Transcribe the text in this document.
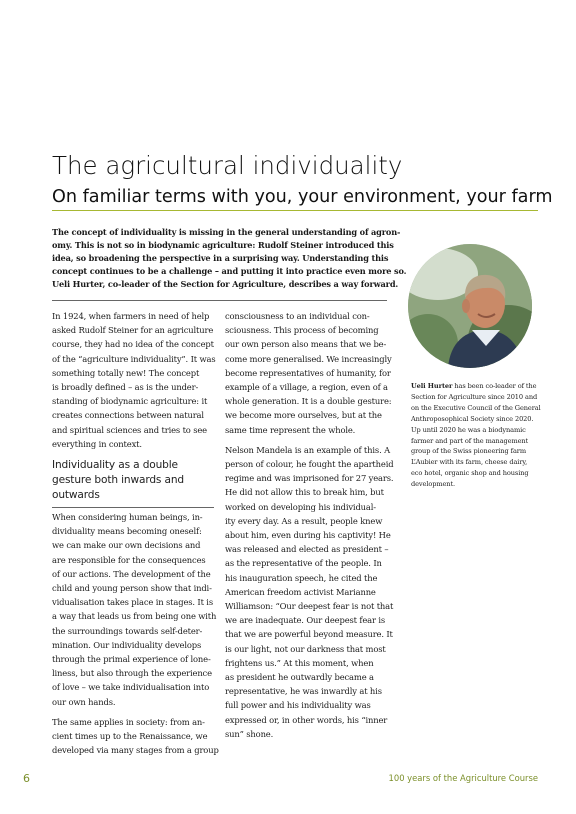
The agricultural individuality
On familiar terms with you, your environment, your farm
The concept of individuality is missing in the general understanding of agron-
omy. This is not so in biodynamic agriculture: Rudolf Steiner introduced this
idea, so broadening the perspective in a surprising way. Understanding this
concept continues to be a challenge – and putting it into practice even more so.
Ueli Hurter, co-leader of the Section for Agriculture, describes a way forward.
In 1924, when farmers in need of help
asked Rudolf Steiner for an agriculture
course, they had no idea of the concept
of the “agriculture individuality”. It was
something totally new! The concept
is broadly defined – as is the under-
standing of biodynamic agriculture: it
creates connections between natural
and spiritual sciences and tries to see
everything in context.
Individuality as a double
gesture both inwards and
outwards
When considering human beings, in-
dividuality means becoming oneself:
we can make our own decisions and
are responsible for the consequences
of our actions. The development of the
child and young person show that indi-
vidualisation takes place in stages. It is
a way that leads us from being one with
the surroundings towards self-deter-
mination. Our individuality develops
through the primal experience of lone-
liness, but also through the experience
of love – we take individualisation into
our own hands.
The same applies in society: from an-
cient times up to the Renaissance, we
developed via many stages from a group
consciousness to an individual con-
sciousness. This process of becoming
our own person also means that we be-
come more generalised. We increasingly
become representatives of humanity, for
example of a village, a region, even of a
whole generation. It is a double gesture:
we become more ourselves, but at the
same time represent the whole.
Nelson Mandela is an example of this. A
person of colour, he fought the apartheid
regime and was imprisoned for 27 years.
He did not allow this to break him, but
worked on developing his individual-
ity every day. As a result, people knew
about him, even during his captivity! He
was released and elected as president –
as the representative of the people. In
his inauguration speech, he cited the
American freedom activist Marianne
Williamson: “Our deepest fear is not that
we are inadequate. Our deepest fear is
that we are powerful beyond measure. It
is our light, not our darkness that most
frightens us.” At this moment, when
as president he outwardly became a
representative, he was inwardly at his
full power and his individuality was
expressed or, in other words, his “inner
sun” shone.
Ueli Hurter has been co-leader of the
Section for Agriculture since 2010 and
on the Executive Council of the General
Anthroposophical Society since 2020.
Up until 2020 he was a biodynamic
farmer and part of the management
group of the Swiss pioneering farm
L’Aubier with its farm, cheese dairy,
eco hotel, organic shop and housing
development.
6	100 years of the Agriculture Course
